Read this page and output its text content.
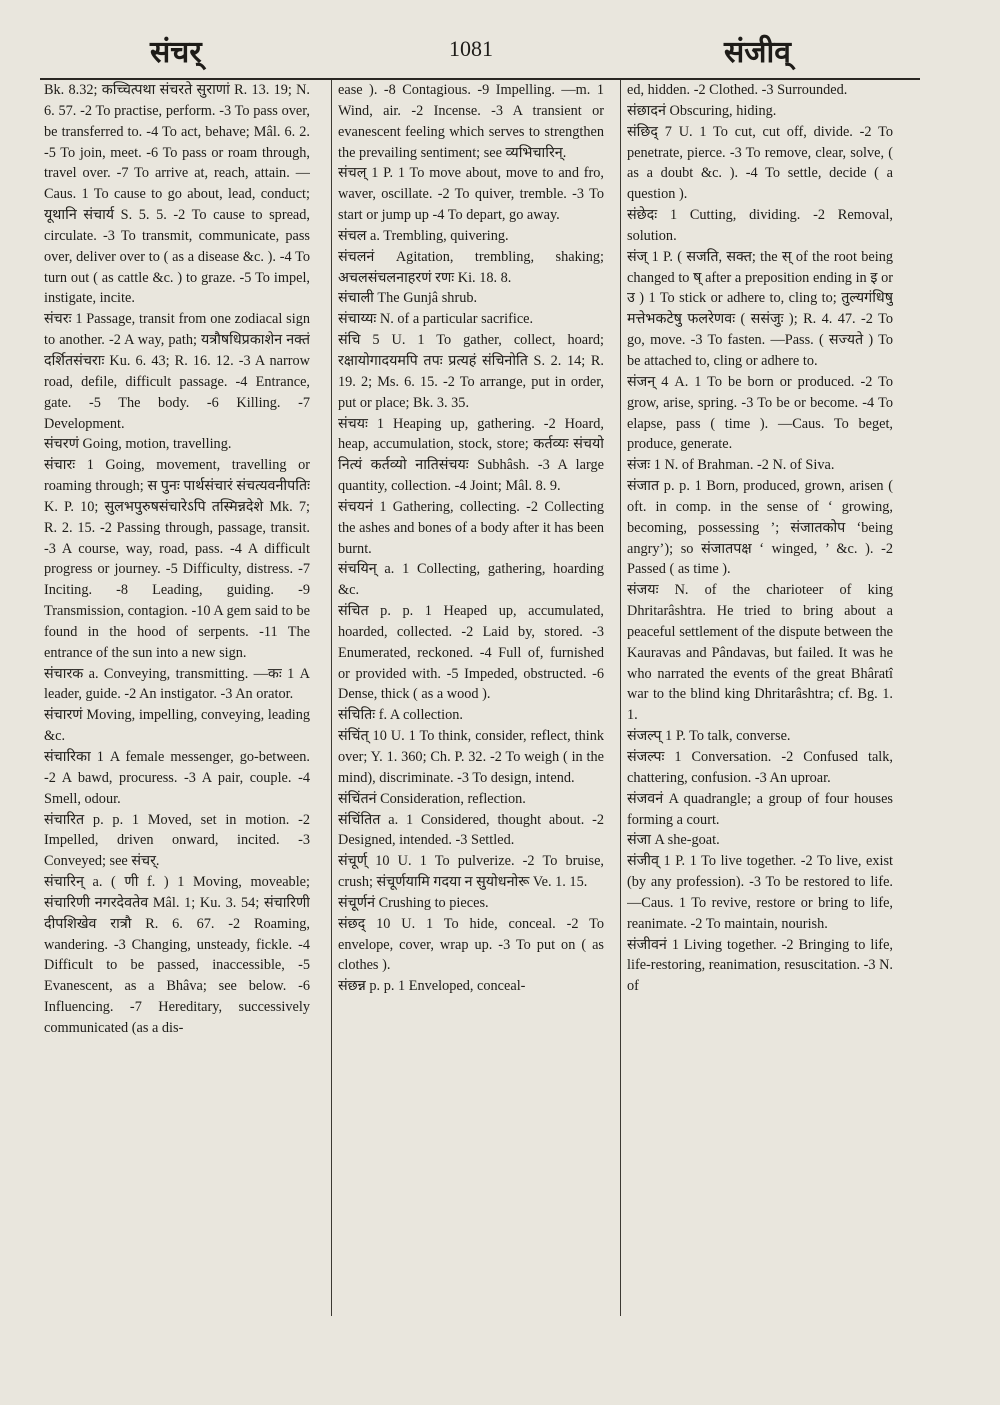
संचर्	1081	संजीव्
Bk. 8.32; कच्चित्पथा संचरते सुराणां R. 13. 19; N. 6. 57. -2 To practise, perform. -3 To pass over, be transferred to. -4 To act, behave; Mâl. 6. 2. -5 To join, meet. -6 To pass or roam through, travel over. -7 To arrive at, reach, attain. —Caus. 1 To cause to go about, lead, conduct; यूथानि संचार्य S. 5. 5. -2 To cause to spread, circulate. -3 To transmit, communicate, pass over, deliver over to ( as a disease &c. ). -4 To turn out ( as cattle &c. ) to graze. -5 To impel, instigate, incite.
संचरः 1 Passage, transit from one zodiacal sign to another. -2 A way, path; यत्रौषधिप्रकाशेन नक्तं दर्शितसंचराः Ku. 6. 43; R. 16. 12. -3 A narrow road, defile, difficult passage. -4 Entrance, gate. -5 The body. -6 Killing. -7 Development.
संचरणं Going, motion, travelling.
संचारः 1 Going, movement, travelling or roaming through; स पुनः पार्थसंचारं संचत्यवनीपतिः K. P. 10; सुलभपुरुषसंचारेऽपि तस्मिन्नदेशे Mk. 7; R. 2. 15. -2 Passing through, passage, transit. -3 A course, way, road, pass. -4 A difficult progress or journey. -5 Difficulty, distress. -7 Inciting. -8 Leading, guiding. -9 Transmission, contagion. -10 A gem said to be found in the hood of serpents. -11 The entrance of the sun into a new sign.
संचारक a. Conveying, transmitting. —कः 1 A leader, guide. -2 An instigator. -3 An orator.
संचारणं Moving, impelling, conveying, leading &c.
संचारिका 1 A female messenger, go-between. -2 A bawd, procuress. -3 A pair, couple. -4 Smell, odour.
संचारित p. p. 1 Moved, set in motion. -2 Impelled, driven onward, incited. -3 Conveyed; see संचर्.
संचारिन् a. ( णी f. ) 1 Moving, moveable; संचारिणी नगरदेवतेव Mâl. 1; Ku. 3. 54; संचारिणी दीपशिखेव रात्रौ R. 6. 67. -2 Roaming, wandering. -3 Changing, unsteady, fickle. -4 Difficult to be passed, inaccessible, -5 Evanescent, as a Bhâva; see below. -6 Influencing. -7 Hereditary, successively communicated (as a dis-
ease ). -8 Contagious. -9 Impelling. —m. 1 Wind, air. -2 Incense. -3 A transient or evanescent feeling which serves to strengthen the prevailing sentiment; see व्यभिचारिन्.
संचल् 1 P. 1 To move about, move to and fro, waver, oscillate. -2 To quiver, tremble. -3 To start or jump up -4 To depart, go away.
संचल a. Trembling, quivering.
संचलनं Agitation, trembling, shaking; अचलसंचलनाहरणं रणः Ki. 18. 8.
संचाली The Gunjâ shrub.
संचाय्यः N. of a particular sacrifice.
संचि 5 U. 1 To gather, collect, hoard; रक्षायोगादयमपि तपः प्रत्यहं संचिनोति S. 2. 14; R. 19. 2; Ms. 6. 15. -2 To arrange, put in order, put or place; Bk. 3. 35.
संचयः 1 Heaping up, gathering. -2 Hoard, heap, accumulation, stock, store; कर्तव्यः संचयो नित्यं कर्तव्यो नातिसंचयः Subhâsh. -3 A large quantity, collection. -4 Joint; Mâl. 8. 9.
संचयनं 1 Gathering, collecting. -2 Collecting the ashes and bones of a body after it has been burnt.
संचयिन् a. 1 Collecting, gathering, hoarding &c.
संचित p. p. 1 Heaped up, accumulated, hoarded, collected. -2 Laid by, stored. -3 Enumerated, reckoned. -4 Full of, furnished or provided with. -5 Impeded, obstructed. -6 Dense, thick ( as a wood ).
संचितिः f. A collection.
संचिंत् 10 U. 1 To think, consider, reflect, think over; Y. 1. 360; Ch. P. 32. -2 To weigh ( in the mind), discriminate. -3 To design, intend.
संचिंतनं Consideration, reflection.
संचिंतित a. 1 Considered, thought about. -2 Designed, intended. -3 Settled.
संचूर्ण् 10 U. 1 To pulverize. -2 To bruise, crush; संचूर्णयामि गदया न सुयोधनोरू Ve. 1. 15.
संचूर्णनं Crushing to pieces.
संछद् 10 U. 1 To hide, conceal. -2 To envelope, cover, wrap up. -3 To put on ( as clothes ).
संछन्न p. p. 1 Enveloped, conceal-
ed, hidden. -2 Clothed. -3 Surrounded.
संछादनं Obscuring, hiding.
संछिद् 7 U. 1 To cut, cut off, divide. -2 To penetrate, pierce. -3 To remove, clear, solve, ( as a doubt &c. ). -4 To settle, decide ( a question ).
संछेदः 1 Cutting, dividing. -2 Removal, solution.
संज् 1 P. ( सजति, सक्त; the स् of the root being changed to ष् after a preposition ending in इ or उ ) 1 To stick or adhere to, cling to; तुल्यगंधिषु मत्तेभकटेषु फलरेणवः ( ससंजुः ); R. 4. 47. -2 To go, move. -3 To fasten. —Pass. ( सज्यते ) To be attached to, cling or adhere to.
संजन् 4 A. 1 To be born or produced. -2 To grow, arise, spring. -3 To be or become. -4 To elapse, pass ( time ). —Caus. To beget, produce, generate.
संजः 1 N. of Brahman. -2 N. of Siva.
संजात p. p. 1 Born, produced, grown, arisen ( oft. in comp. in the sense of ‘ growing, becoming, possessing ’; संजातकोप ‘being angry’); so संजातपक्ष ‘ winged, ’ &c. ). -2 Passed ( as time ).
संजयः N. of the charioteer of king Dhritarâshtra. He tried to bring about a peaceful settlement of the dispute between the Kauravas and Pândavas, but failed. It was he who narrated the events of the great Bhâratî war to the blind king Dhritarâshtra; cf. Bg. 1. 1.
संजल्प् 1 P. To talk, converse.
संजल्पः 1 Conversation. -2 Confused talk, chattering, confusion. -3 An uproar.
संजवनं A quadrangle; a group of four houses forming a court.
संजा A she-goat.
संजीव् 1 P. 1 To live together. -2 To live, exist (by any profession). -3 To be restored to life. —Caus. 1 To revive, restore or bring to life, reanimate. -2 To maintain, nourish.
संजीवनं 1 Living together. -2 Bringing to life, life-restoring, reanimation, resuscitation. -3 N. of
